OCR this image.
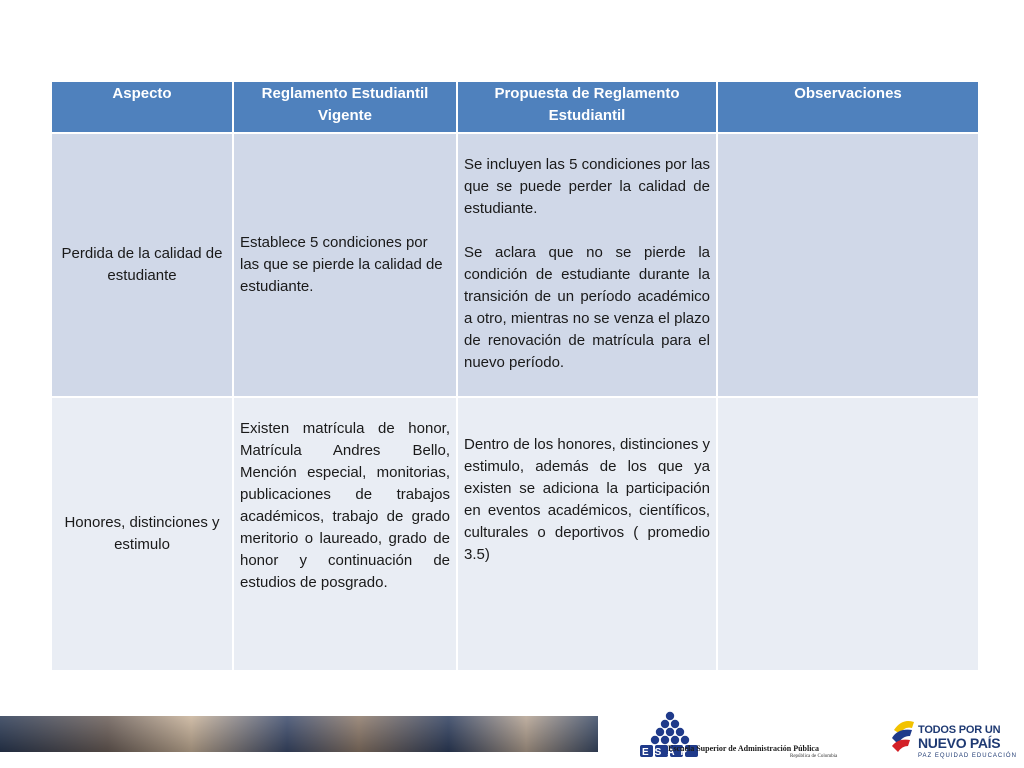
Aspecto	Reglamento Estudiantil Vigente
Propuesta de Reglamento Estudiantil
Observaciones
Perdida de la calidad de estudiante
Establece 5 condiciones por las que se pierde la calidad de estudiante.

Se incluyen las 5 condiciones por las que se puede perder la calidad de estudiante.

Se aclara que no se pierde la condición de estudiante durante la transición de un período académico a otro, mientras no se venza el plazo de renovación de matrícula para el nuevo período.

Honores, distinciones y estimulo

Existen matrícula de honor, Matrícula Andres Bello, Mención especial, monitorias, publicaciones de trabajos académicos, trabajo de grado meritorio o laureado, grado de honor y continuación de estudios de posgrado.

Dentro de los honores, distinciones y estimulo, además de los que ya existen se adiciona la participación en eventos académicos, científicos, culturales o deportivos ( promedio 3.5)

ESAP
Escuela Superior de Administración Pública
República de Colombia
TODOS POR UN
NUEVO PAÍS
PAZ EQUIDAD EDUCACIÓN
